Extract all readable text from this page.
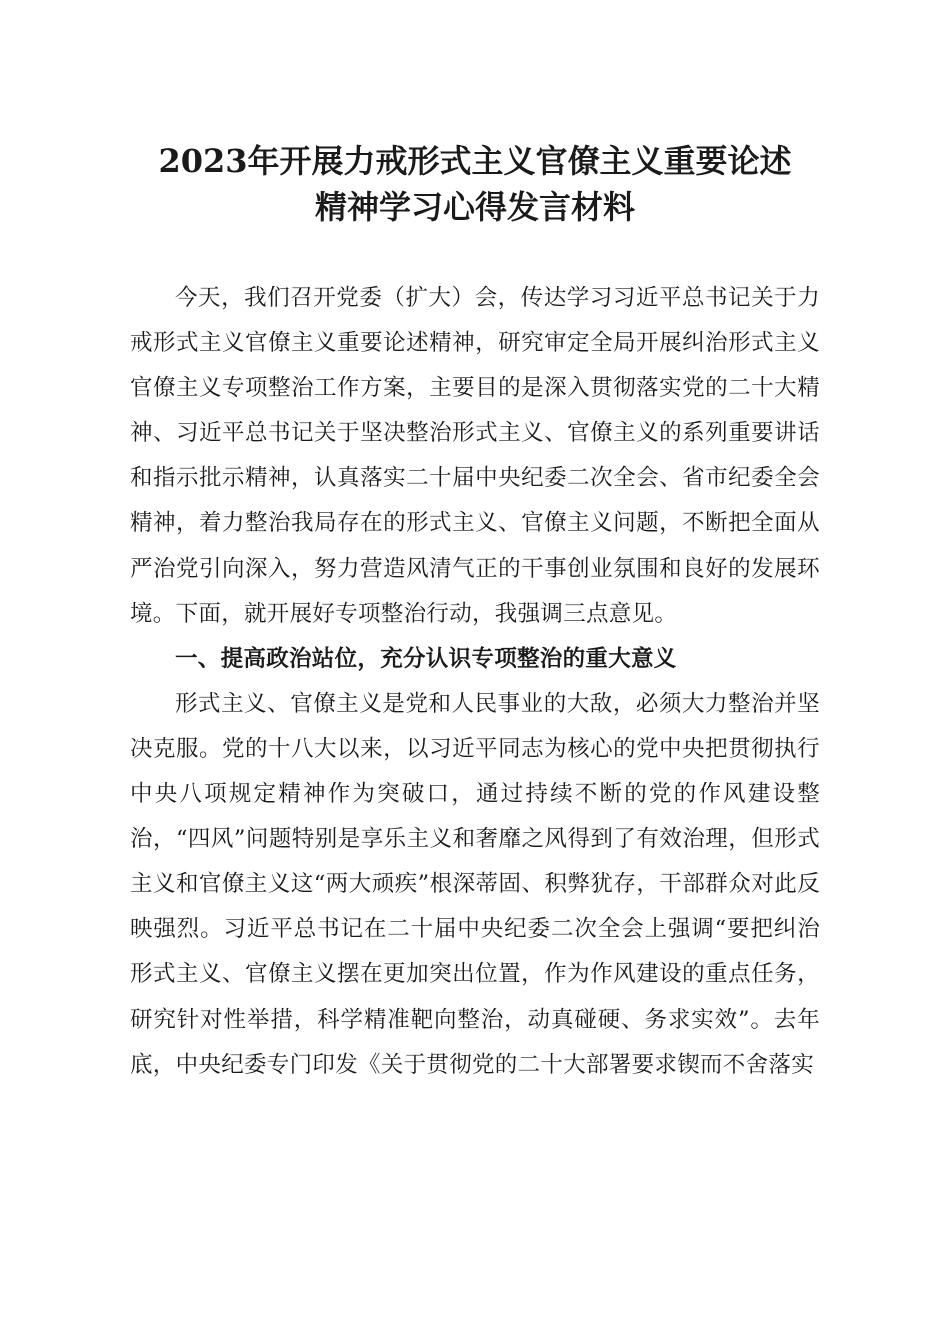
2023年开展力戒形式主义官僚主义重要论述
精神学习心得发言材料

今天，我们召开党委（扩大）会，传达学习习近平总书记关于力戒形式主义官僚主义重要论述精神，研究审定全局开展纠治形式主义官僚主义专项整治工作方案，主要目的是深入贯彻落实党的二十大精神、习近平总书记关于坚决整治形式主义、官僚主义的系列重要讲话和指示批示精神，认真落实二十届中央纪委二次全会、省市纪委全会精神，着力整治我局存在的形式主义、官僚主义问题，不断把全面从严治党引向深入，努力营造风清气正的干事创业氛围和良好的发展环境。下面，就开展好专项整治行动，我强调三点意见。

一、提高政治站位，充分认识专项整治的重大意义

形式主义、官僚主义是党和人民事业的大敌，必须大力整治并坚决克服。党的十八大以来，以习近平同志为核心的党中央把贯彻执行中央八项规定精神作为突破口，通过持续不断的党的作风建设整治，“四风”问题特别是享乐主义和奢靡之风得到了有效治理，但形式主义和官僚主义这“两大顽疾”根深蒂固、积弊犹存，干部群众对此反映强烈。习近平总书记在二十届中央纪委二次全会上强调“要把纠治形式主义、官僚主义摆在更加突出位置，作为作风建设的重点任务，研究针对性举措，科学精准靶向整治，动真碰硬、务求实效”。去年底，中央纪委专门印发《关于贯彻党的二十大部署要求锲而不舍落实
